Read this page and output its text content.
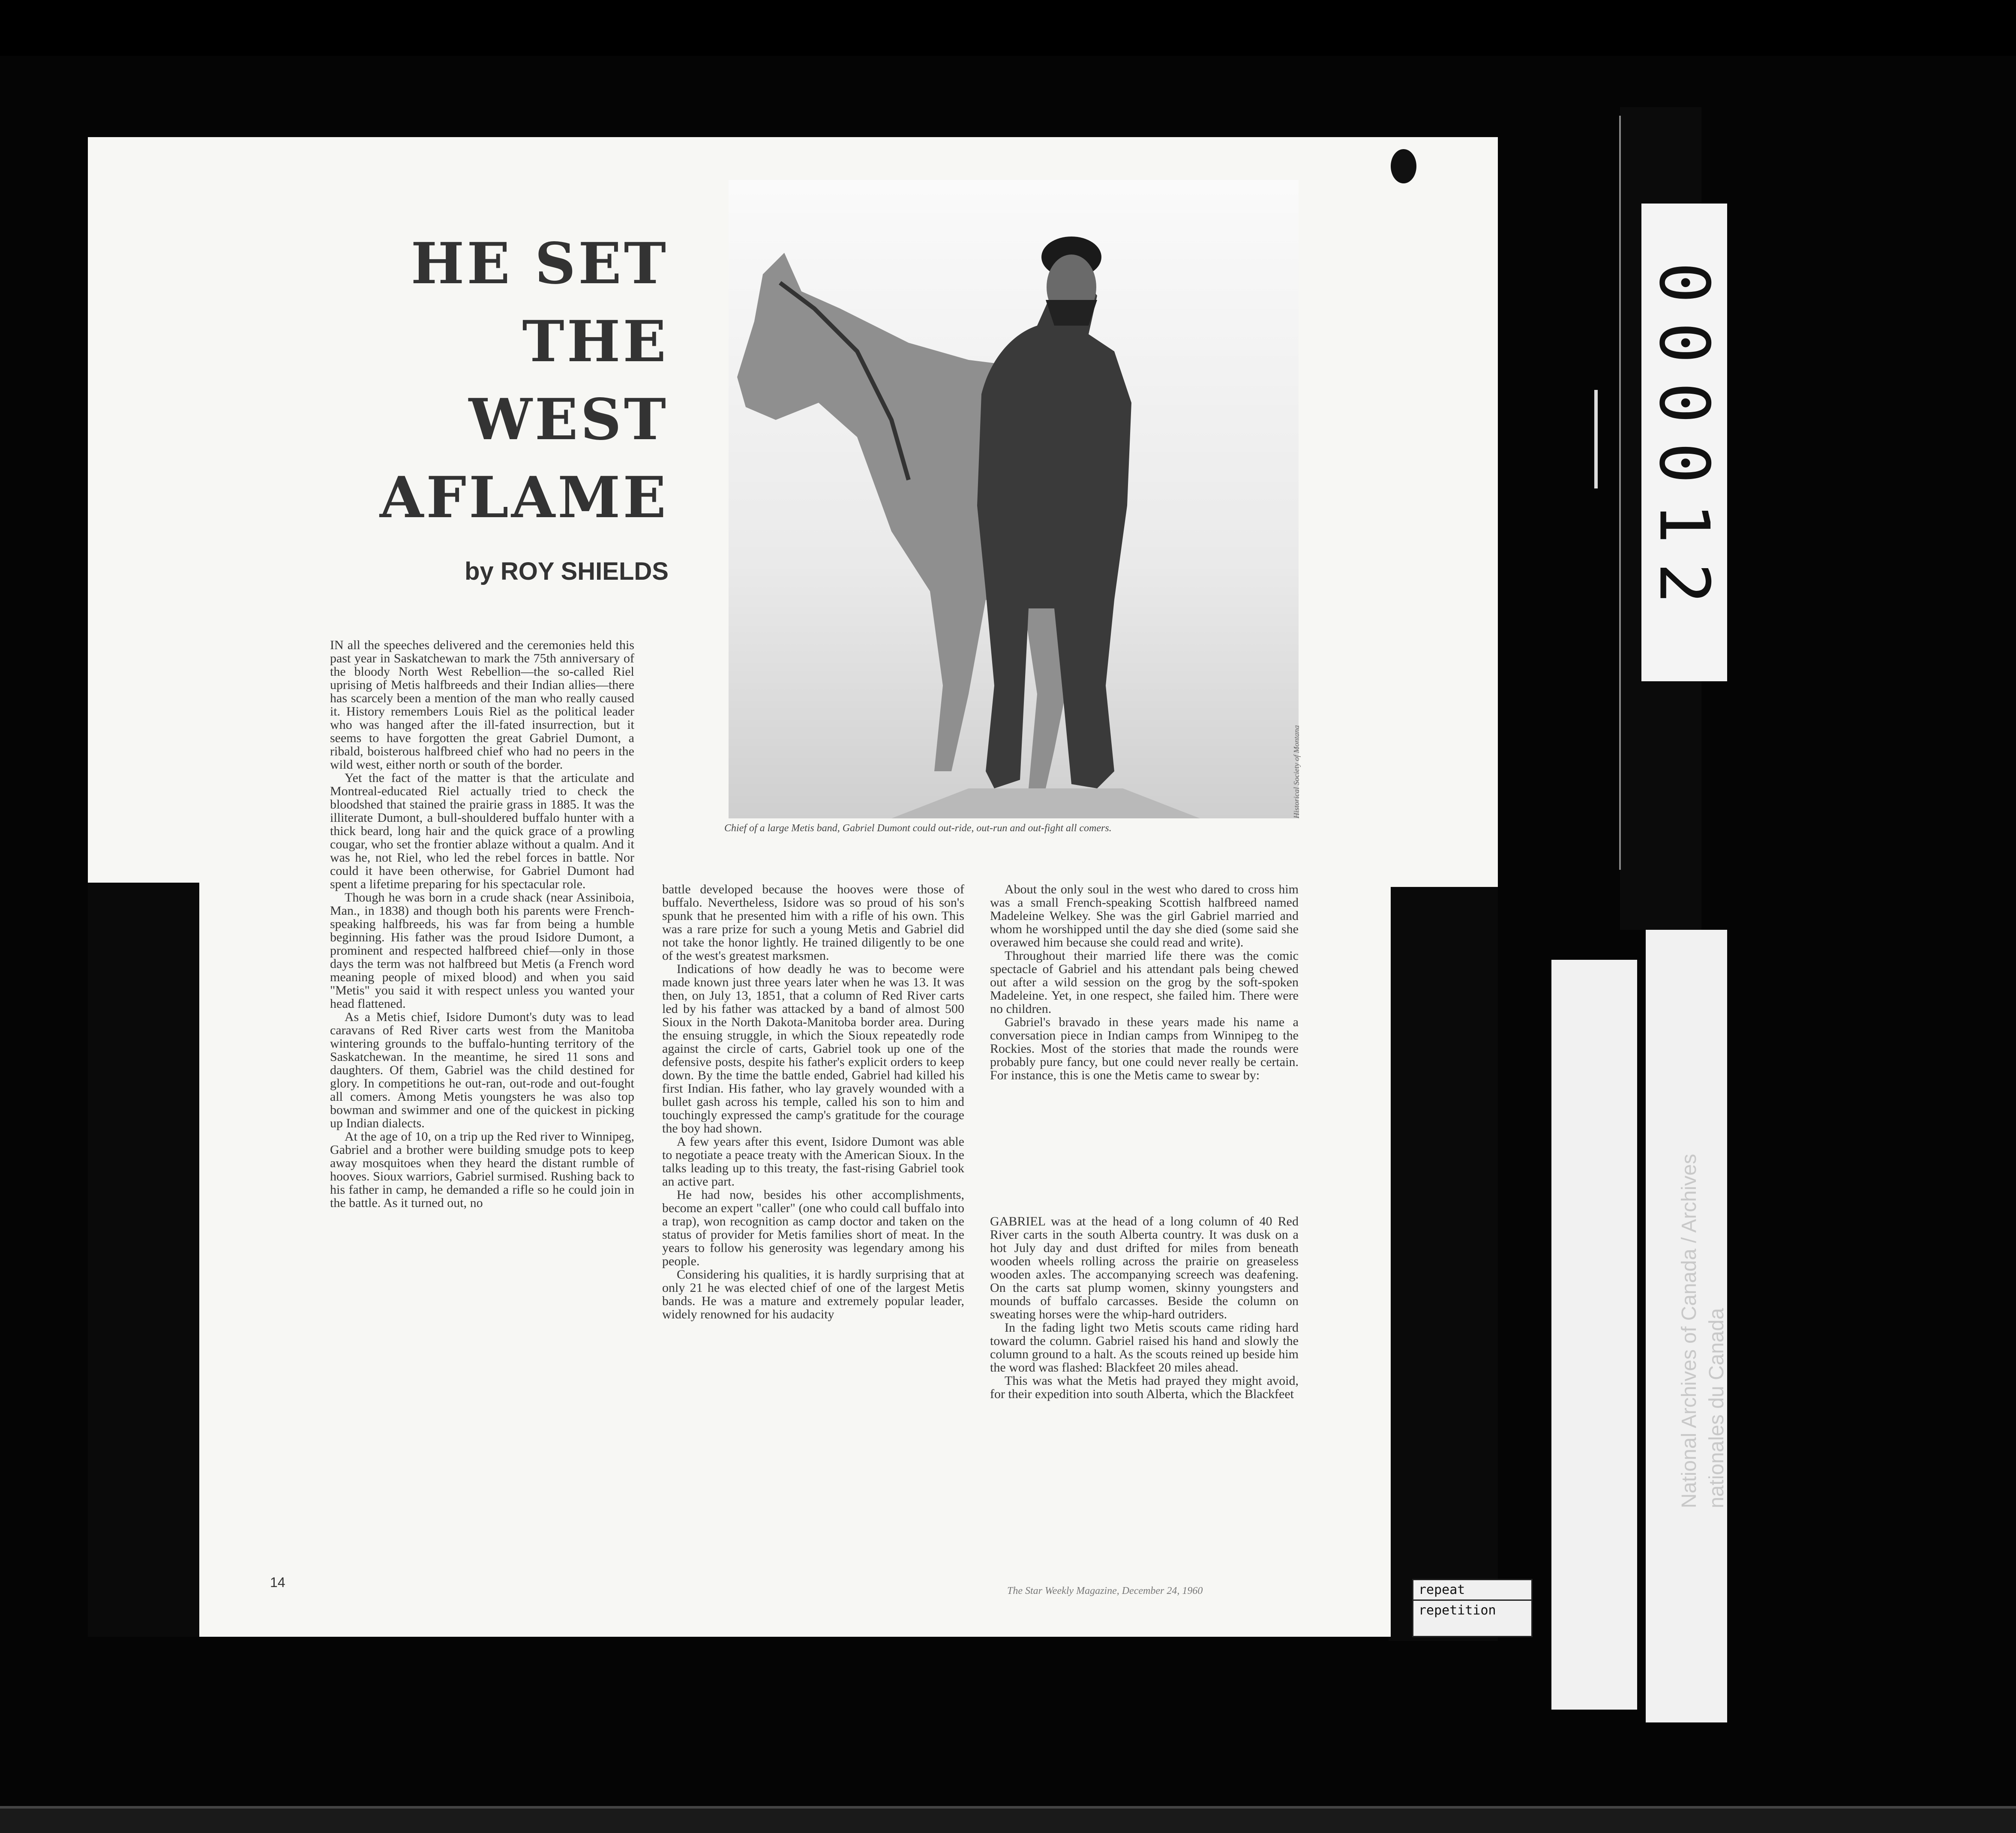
HE SET THE WEST AFLAME

by ROY SHIELDS

Historical Society of Montana

Chief of a large Metis band, Gabriel Dumont could out-ride, out-run and out-fight all comers.

IN all the speeches delivered and the ceremonies held this past year in Saskatchewan to mark the 75th anniversary of the bloody North West Rebellion—the so-called Riel uprising of Metis halfbreeds and their Indian allies—there has scarcely been a mention of the man who really caused it. History remembers Louis Riel as the political leader who was hanged after the ill-fated insurrection, but it seems to have forgotten the great Gabriel Dumont, a ribald, boisterous halfbreed chief who had no peers in the wild west, either north or south of the border.

Yet the fact of the matter is that the articulate and Montreal-educated Riel actually tried to check the bloodshed that stained the prairie grass in 1885. It was the illiterate Dumont, a bull-shouldered buffalo hunter with a thick beard, long hair and the quick grace of a prowling cougar, who set the frontier ablaze without a qualm. And it was he, not Riel, who led the rebel forces in battle. Nor could it have been otherwise, for Gabriel Dumont had spent a lifetime preparing for his spectacular role.

Though he was born in a crude shack (near Assiniboia, Man., in 1838) and though both his parents were French-speaking halfbreeds, his was far from being a humble beginning. His father was the proud Isidore Dumont, a prominent and respected halfbreed chief—only in those days the term was not halfbreed but Metis (a French word meaning people of mixed blood) and when you said "Metis" you said it with respect unless you wanted your head flattened.

As a Metis chief, Isidore Dumont's duty was to lead caravans of Red River carts west from the Manitoba wintering grounds to the buffalo-hunting territory of the Saskatchewan. In the meantime, he sired 11 sons and daughters. Of them, Gabriel was the child destined for glory. In competitions he out-ran, out-rode and out-fought all comers. Among Metis youngsters he was also top bowman and swimmer and one of the quickest in picking up Indian dialects.

At the age of 10, on a trip up the Red river to Winnipeg, Gabriel and a brother were building smudge pots to keep away mosquitoes when they heard the distant rumble of hooves. Sioux warriors, Gabriel surmised. Rushing back to his father in camp, he demanded a rifle so he could join in the battle. As it turned out, no

battle developed because the hooves were those of buffalo. Nevertheless, Isidore was so proud of his son's spunk that he presented him with a rifle of his own. This was a rare prize for such a young Metis and Gabriel did not take the honor lightly. He trained diligently to be one of the west's greatest marksmen.

Indications of how deadly he was to become were made known just three years later when he was 13. It was then, on July 13, 1851, that a column of Red River carts led by his father was attacked by a band of almost 500 Sioux in the North Dakota-Manitoba border area. During the ensuing struggle, in which the Sioux repeatedly rode against the circle of carts, Gabriel took up one of the defensive posts, despite his father's explicit orders to keep down. By the time the battle ended, Gabriel had killed his first Indian. His father, who lay gravely wounded with a bullet gash across his temple, called his son to him and touchingly expressed the camp's gratitude for the courage the boy had shown.

A few years after this event, Isidore Dumont was able to negotiate a peace treaty with the American Sioux. In the talks leading up to this treaty, the fast-rising Gabriel took an active part.

He had now, besides his other accomplishments, become an expert "caller" (one who could call buffalo into a trap), won recognition as camp doctor and taken on the status of provider for Metis families short of meat. In the years to follow his generosity was legendary among his people.

Considering his qualities, it is hardly surprising that at only 21 he was elected chief of one of the largest Metis bands. He was a mature and extremely popular leader, widely renowned for his audacity

About the only soul in the west who dared to cross him was a small French-speaking Scottish halfbreed named Madeleine Welkey. She was the girl Gabriel married and whom he worshipped until the day she died (some said she overawed him because she could read and write).

Throughout their married life there was the comic spectacle of Gabriel and his attendant pals being chewed out after a wild session on the grog by the soft-spoken Madeleine. Yet, in one respect, she failed him. There were no children.

Gabriel's bravado in these years made his name a conversation piece in Indian camps from Winnipeg to the Rockies. Most of the stories that made the rounds were probably pure fancy, but one could never really be certain. For instance, this is one the Metis came to swear by:

GABRIEL was at the head of a long column of 40 Red River carts in the south Alberta country. It was dusk on a hot July day and dust drifted for miles from beneath wooden wheels rolling across the prairie on greaseless wooden axles. The accompanying screech was deafening. On the carts sat plump women, skinny youngsters and mounds of buffalo carcasses. Beside the column on sweating horses were the whip-hard outriders.

In the fading light two Metis scouts came riding hard toward the column. Gabriel raised his hand and slowly the column ground to a halt. As the scouts reined up beside him the word was flashed: Blackfeet 20 miles ahead.

This was what the Metis had prayed they might avoid, for their expedition into south Alberta, which the Blackfeet

14

The Star Weekly Magazine, December 24, 1960

000012

National Archives of Canada / Archives nationales du Canada

repeat
repetition
